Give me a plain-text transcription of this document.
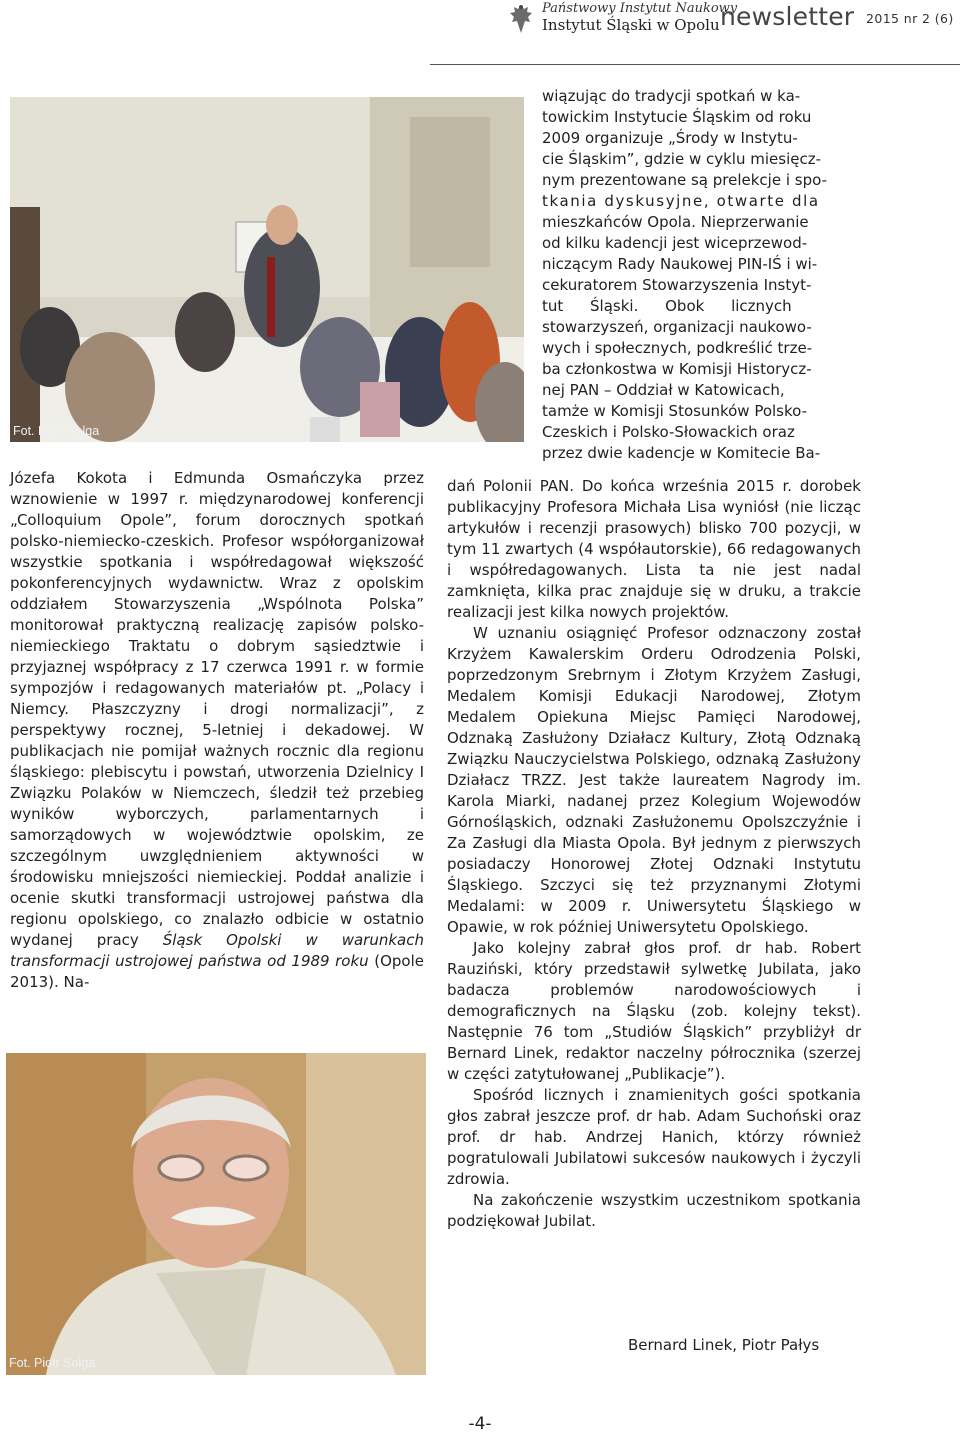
Państwowy Instytut Naukowy
Instytut Śląski w Opolu newsletter 2015 nr 2 (6)
Fot. Piotr Solga
wiązując do tradycji spotkań w ka-
towickim Instytucie Śląskim od roku
2009 organizuje „Środy w Instytu-
cie Śląskim”, gdzie w cyklu miesięcz-
nym prezentowane są prelekcje i spo-
tkania dyskusyjne, otwarte dla
mieszkańców Opola. Nieprzerwanie
od kilku kadencji jest wiceprzewod-
niczącym Rady Naukowej PIN-IŚ i wi-
cekuratorem Stowarzyszenia Instyt-
tut Śląski. Obok licznych
stowarzyszeń, organizacji naukowo-
wych i społecznych, podkreślić trze-
ba członkostwa w Komisji Historycz-
nej PAN – Oddział w Katowicach,
tamże w Komisji Stosunków Polsko-
Czeskich i Polsko-Słowackich oraz
przez dwie kadencje w Komitecie Ba-

Józefa Kokota i Edmunda Osmańczyka przez wznowienie w 1997 r. międzynarodowej konferencji „Colloquium Opole”, forum dorocznych spotkań polsko-niemiecko-czeskich. Profesor współorganizował wszystkie spotkania i współredagował większość pokonferencyjnych wydawnictw. Wraz z opolskim oddziałem Stowarzyszenia „Wspólnota Polska” monitorował praktyczną realizację zapisów polsko-niemieckiego Traktatu o dobrym sąsiedztwie i przyjaznej współpracy z 17 czerwca 1991 r. w formie sympozjów i redagowanych materiałów pt. „Polacy i Niemcy. Płaszczyzny i drogi normalizacji”, z perspektywy rocznej, 5-letniej i dekadowej. W publikacjach nie pomijał ważnych rocznic dla regionu śląskiego: plebiscytu i powstań, utworzenia Dzielnicy I Związku Polaków w Niemczech, śledził też przebieg wyników wyborczych, parlamentarnych i samorządowych w województwie opolskim, ze szczególnym uwzględnieniem aktywności w środowisku mniejszości niemieckiej. Poddał analizie i ocenie skutki transformacji ustrojowej państwa dla regionu opolskiego, co znalazło odbicie w ostatnio wydanej pracy Śląsk Opolski w warunkach transformacji ustrojowej państwa od 1989 roku (Opole 2013). Na-

Fot. Piotr Solga

dań Polonii PAN. Do końca września 2015 r. dorobek publikacyjny Profesora Michała Lisa wyniósł (nie licząc artykułów i recenzji prasowych) blisko 700 pozycji, w tym 11 zwartych (4 współautorskie), 66 redagowanych i współredagowanych. Lista ta nie jest nadal zamknięta, kilka prac znajduje się w druku, a trakcie realizacji jest kilka nowych projektów.

W uznaniu osiągnięć Profesor odznaczony został Krzyżem Kawalerskim Orderu Odrodzenia Polski, poprzedzonym Srebrnym i Złotym Krzyżem Zasługi, Medalem Komisji Edukacji Narodowej, Złotym Medalem Opiekuna Miejsc Pamięci Narodowej, Odznaką Zasłużony Działacz Kultury, Złotą Odznaką Związku Nauczycielstwa Polskiego, odznaką Zasłużony Działacz TRZZ. Jest także laureatem Nagrody im. Karola Miarki, nadanej przez Kolegium Wojewodów Górnośląskich, odznaki Zasłużonemu Opolszczyźnie i Za Zasługi dla Miasta Opola. Był jednym z pierwszych posiadaczy Honorowej Złotej Odznaki Instytutu Śląskiego. Szczyci się też przyznanymi Złotymi Medalami: w 2009 r. Uniwersytetu Śląskiego w Opawie, w rok później Uniwersytetu Opolskiego.

Jako kolejny zabrał głos prof. dr hab. Robert Rauziński, który przedstawił sylwetkę Jubilata, jako badacza problemów narodowościowych i demograficznych na Śląsku (zob. kolejny tekst). Następnie 76 tom „Studiów Śląskich” przybliżył dr Bernard Linek, redaktor naczelny półrocznika (szerzej w części zatytułowanej „Publikacje”).

Spośród licznych i znamienitych gości spotkania głos zabrał jeszcze prof. dr hab. Adam Suchoński oraz prof. dr hab. Andrzej Hanich, którzy również pogratulowali Jubilatowi sukcesów naukowych i życzyli zdrowia.

Na zakończenie wszystkim uczestnikom spotkania podziękował Jubilat.

Bernard Linek, Piotr Pałys
-4-
